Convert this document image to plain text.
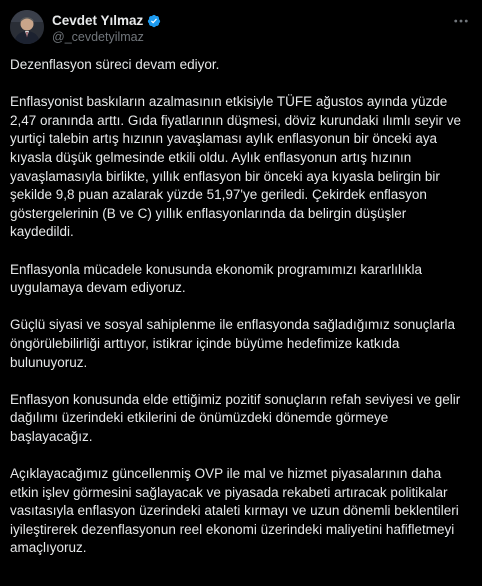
Cevdet Yılmaz
@_cevdetyilmaz

Dezenflasyon süreci devam ediyor.

Enflasyonist baskıların azalmasının etkisiyle TÜFE ağustos ayında yüzde 2,47 oranında arttı. Gıda fiyatlarının düşmesi, döviz kurundaki ılımlı seyir ve yurtiçi talebin artış hızının yavaşlaması aylık enflasyonun bir önceki aya kıyasla düşük gelmesinde etkili oldu. Aylık enflasyonun artış hızının yavaşlamasıyla birlikte, yıllık enflasyon bir önceki aya kıyasla belirgin bir şekilde 9,8 puan azalarak yüzde 51,97'ye geriledi. Çekirdek enflasyon göstergelerinin (B ve C) yıllık enflasyonlarında da belirgin düşüşler kaydedildi.

Enflasyonla mücadele konusunda ekonomik programımızı kararlılıkla uygulamaya devam ediyoruz.

Güçlü siyasi ve sosyal sahiplenme ile enflasyonda sağladığımız sonuçlarla öngörülebilirliği arttıyor, istikrar içinde büyüme hedefimize katkıda bulunuyoruz.

Enflasyon konusunda elde ettiğimiz pozitif sonuçların refah seviyesi ve gelir dağılımı üzerindeki etkilerini de önümüzdeki dönemde görmeye başlayacağız.

Açıklayacağımız güncellenmiş OVP ile mal ve hizmet piyasalarının daha etkin işlev görmesini sağlayacak ve piyasada rekabeti artıracak politikalar vasıtasıyla enflasyon üzerindeki ataleti kırmayı ve uzun dönemli beklentileri iyileştirerek dezenflasyonun reel ekonomi üzerindeki maliyetini hafifletmeyi amaçlıyoruz.
